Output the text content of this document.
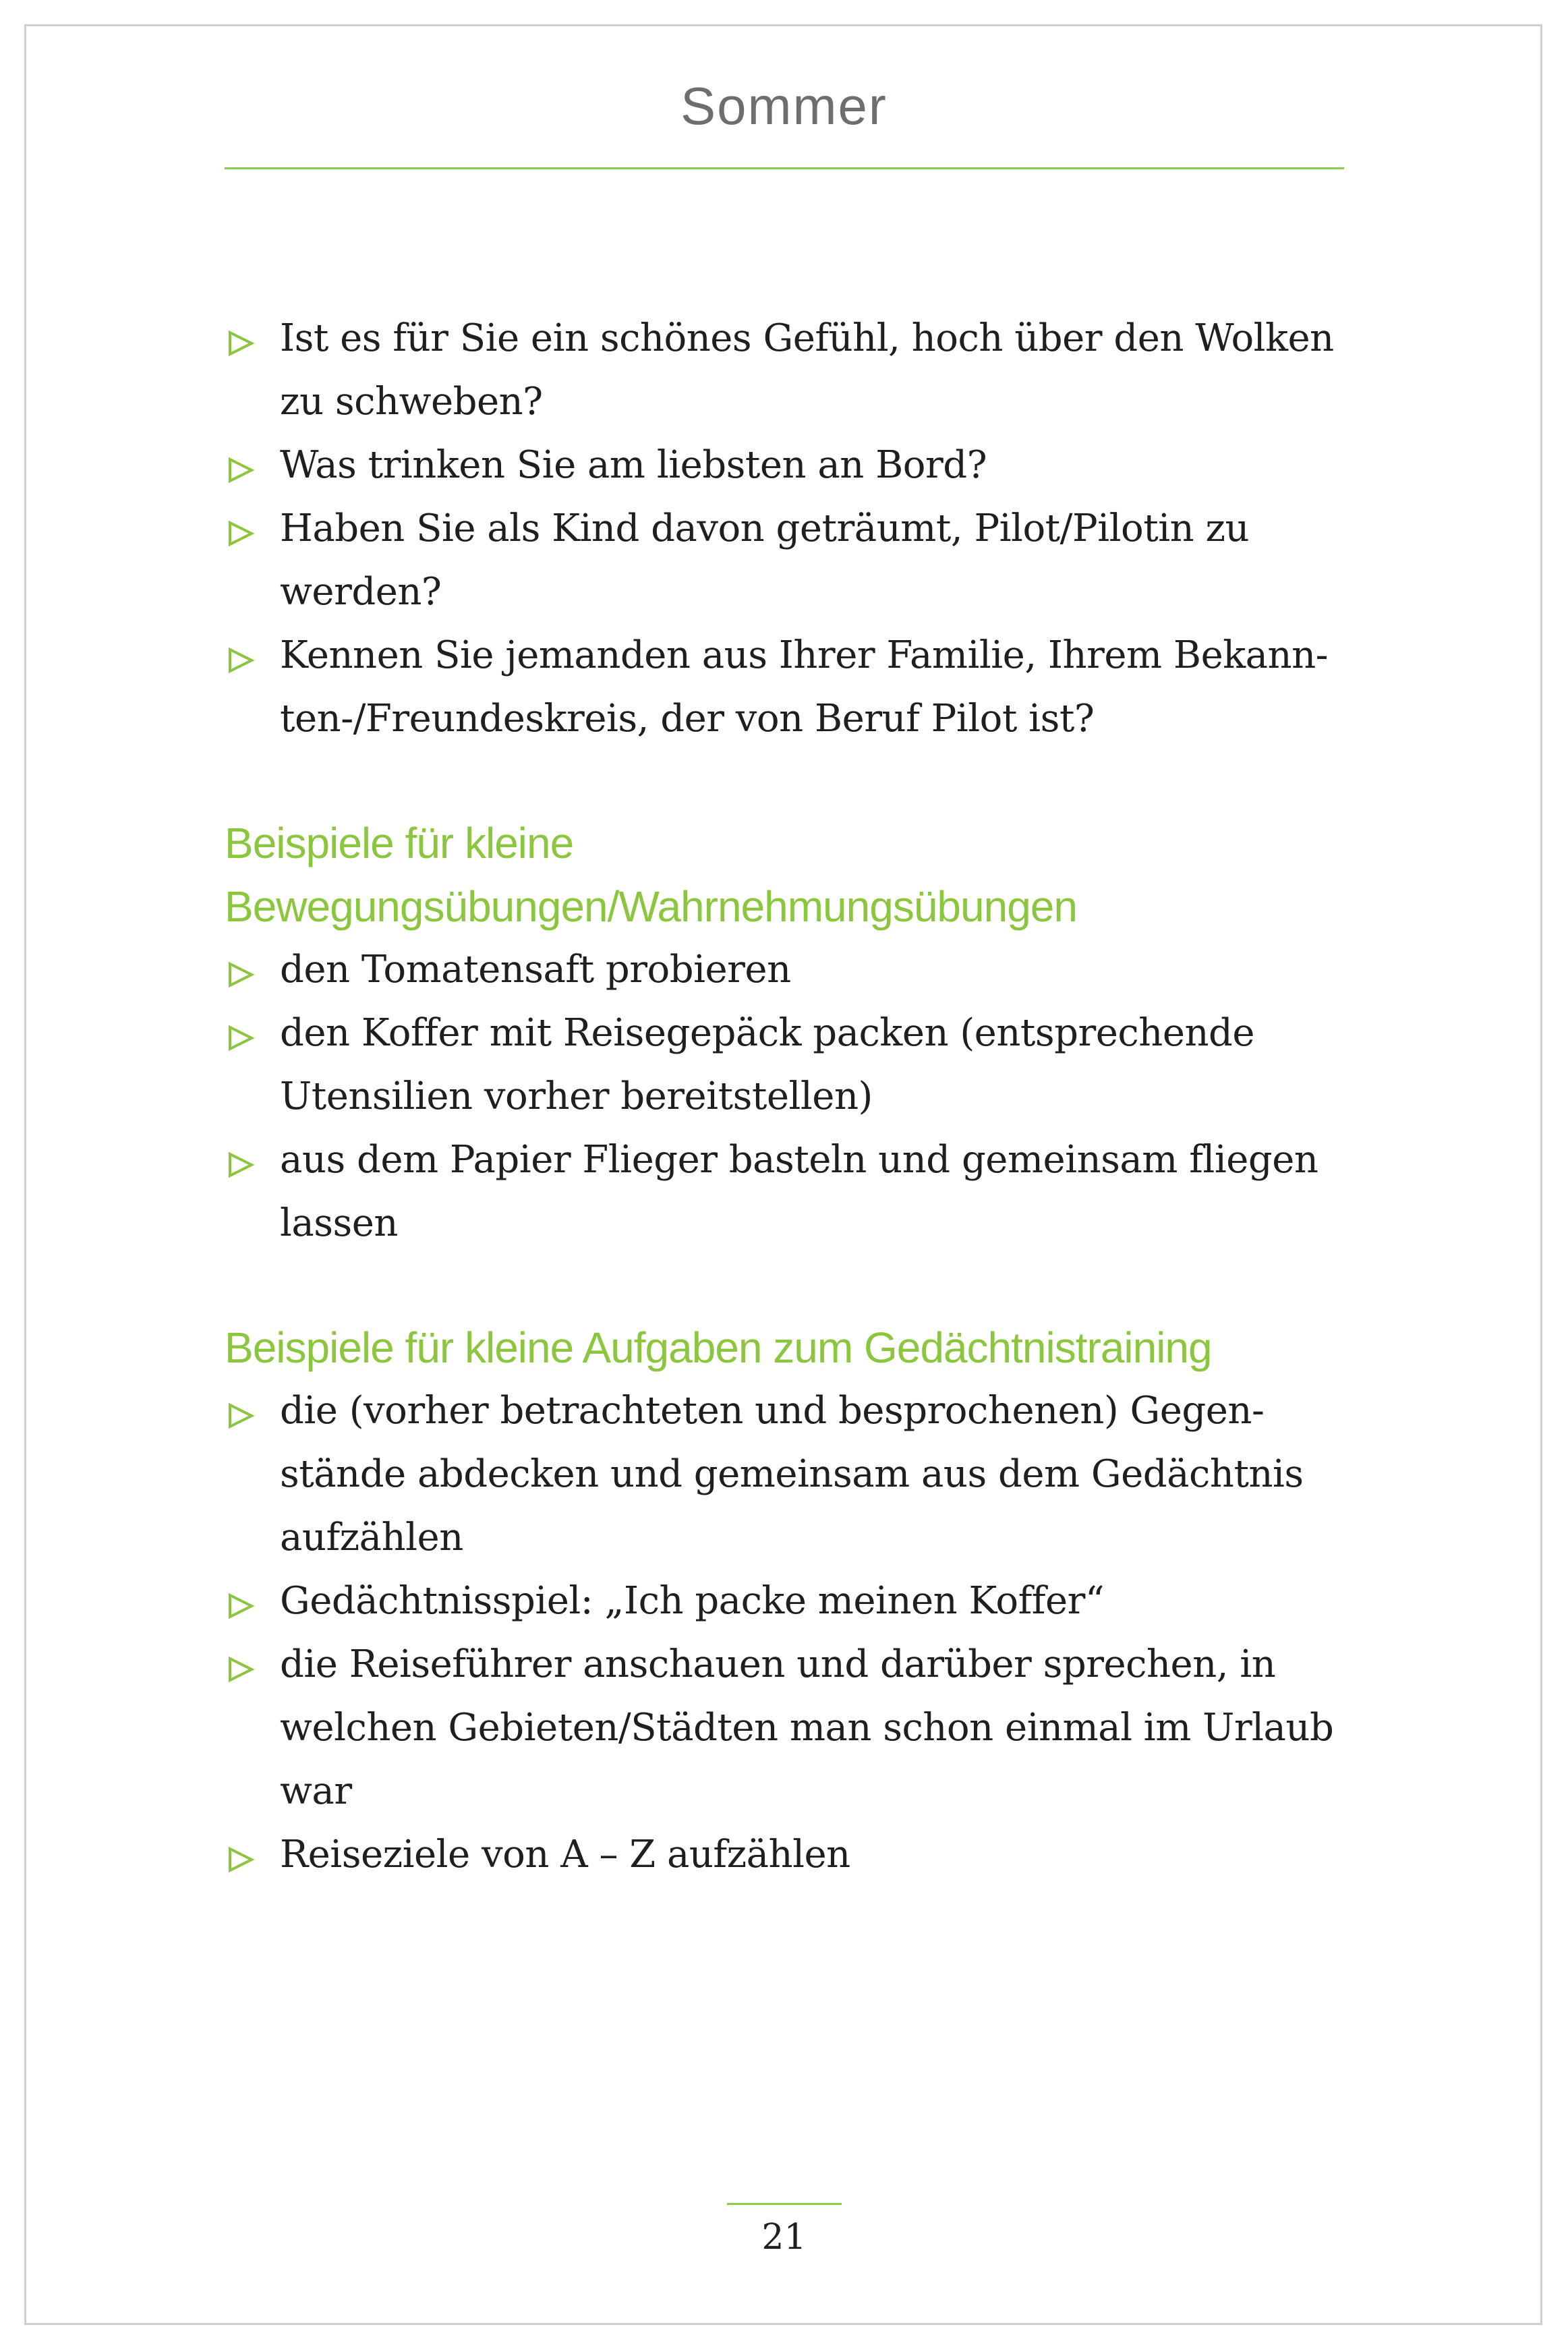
Sommer
Ist es für Sie ein schönes Gefühl, hoch über den Wolken zu schweben?
Was trinken Sie am liebsten an Bord?
Haben Sie als Kind davon geträumt, Pilot/Pilotin zu werden?
Kennen Sie jemanden aus Ihrer Familie, Ihrem Bekann- ten-/Freundeskreis, der von Beruf Pilot ist?
Beispiele für kleine Bewegungsübungen/Wahrnehmungsübungen
den Tomatensaft probieren
den Koffer mit Reisegepäck packen (entsprechende Utensilien vorher bereitstellen)
aus dem Papier Flieger basteln und gemeinsam fliegen lassen
Beispiele für kleine Aufgaben zum Gedächtnistraining
die (vorher betrachteten und besprochenen) Gegen- stände abdecken und gemeinsam aus dem Gedächtnis aufzählen
Gedächtnisspiel: „Ich packe meinen Koffer“
die Reiseführer anschauen und darüber sprechen, in welchen Gebieten/Städten man schon einmal im Urlaub war
Reiseziele von A – Z aufzählen
21
